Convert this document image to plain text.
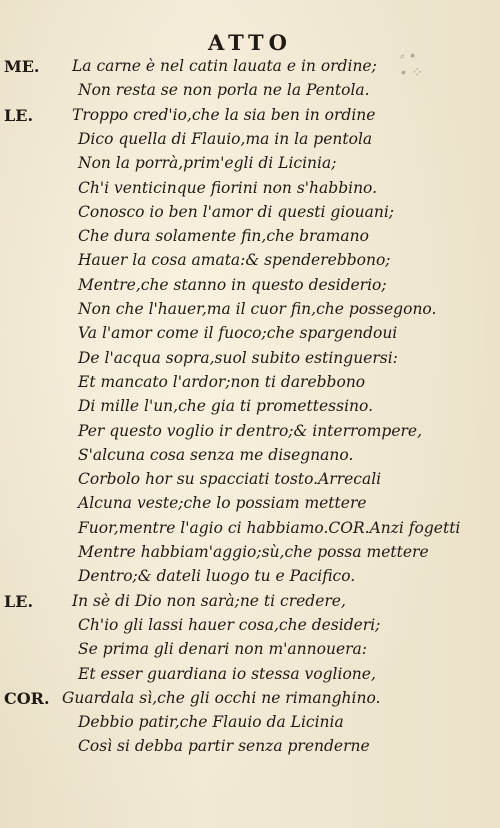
ATTO
⸗ ∙
∙ ⁘
ME. La carne è nel catin lauata e in ordine;
Non resta se non porla ne la Pentola.
LE.	Troppo cred'io,che la sia ben in ordine
Dico quella di Flauio,ma in la pentola
Non la porrà,prim'egli di Licinia;
Ch'i venticinque fiorini non s'habbino.
Conosco io ben l'amor di questi giouani;
Che dura solamente fin,che bramano
Hauer la cosa amata:& spenderebbono;
Mentre,che stanno in questo desiderio;
Non che l'hauer,ma il cuor fin,che possegono.
Va l'amor come il fuoco;che spargendoui
De l'acqua sopra,suol subito estinguersi:
Et mancato l'ardor;non ti darebbono
Di mille l'un,che gia ti promettessino.
Per questo voglio ir dentro;& interrompere,
S'alcuna cosa senza me disegnano.
Corbolo hor su spacciati tosto.Arrecali
Alcuna veste;che lo possiam mettere
Fuor,mentre l'agio ci habbiamo.COR.Anzi fogetti
Mentre habbiam'aggio;sù,che possa mettere
Dentro;& dateli luogo tu e Pacifico.
LE.	In sè di Dio non sarà;ne ti credere,
Ch'io gli lassi hauer cosa,che desideri;
Se prima gli denari non m'annouera:
Et esser guardiana io stessa voglione,
COR. Guardala sì,che gli occhi ne rimanghino.
Debbio patir,che Flauio da Licinia
Così si debba partir senza prenderne
